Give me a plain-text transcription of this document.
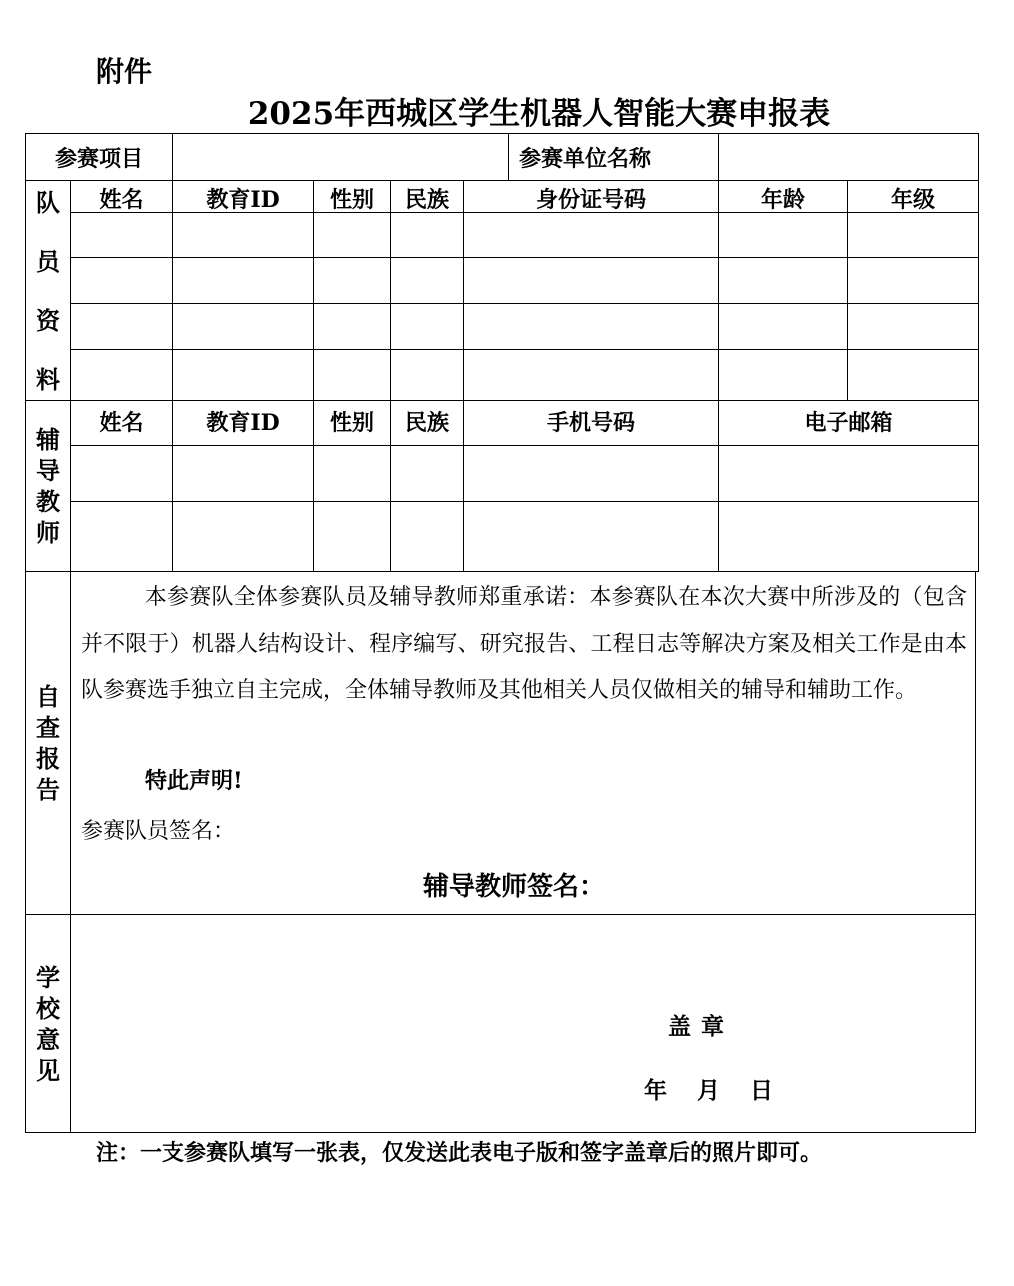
附件
2025年西城区学生机器人智能大赛申报表
参赛项目	参赛单位名称
队
员
资
料
姓名	教育ID	性别	民族	身份证号码	年龄	年级
辅
导
教
师
姓名	教育ID	性别	民族	手机号码	电子邮箱
自
查
报
告

本参赛队全体参赛队员及辅导教师郑重承诺：本参赛队在本次大赛中所涉及的（包含并不限于）机器人结构设计、程序编写、研究报告、工程日志等解决方案及相关工作是由本队参赛选手独立自主完成，全体辅导教师及其他相关人员仅做相关的辅导和辅助工作。

特此声明!
参赛队员签名：
辅导教师签名：
学
校
意
见
盖章
年 月 日
注：一支参赛队填写一张表，仅发送此表电子版和签字盖章后的照片即可。
